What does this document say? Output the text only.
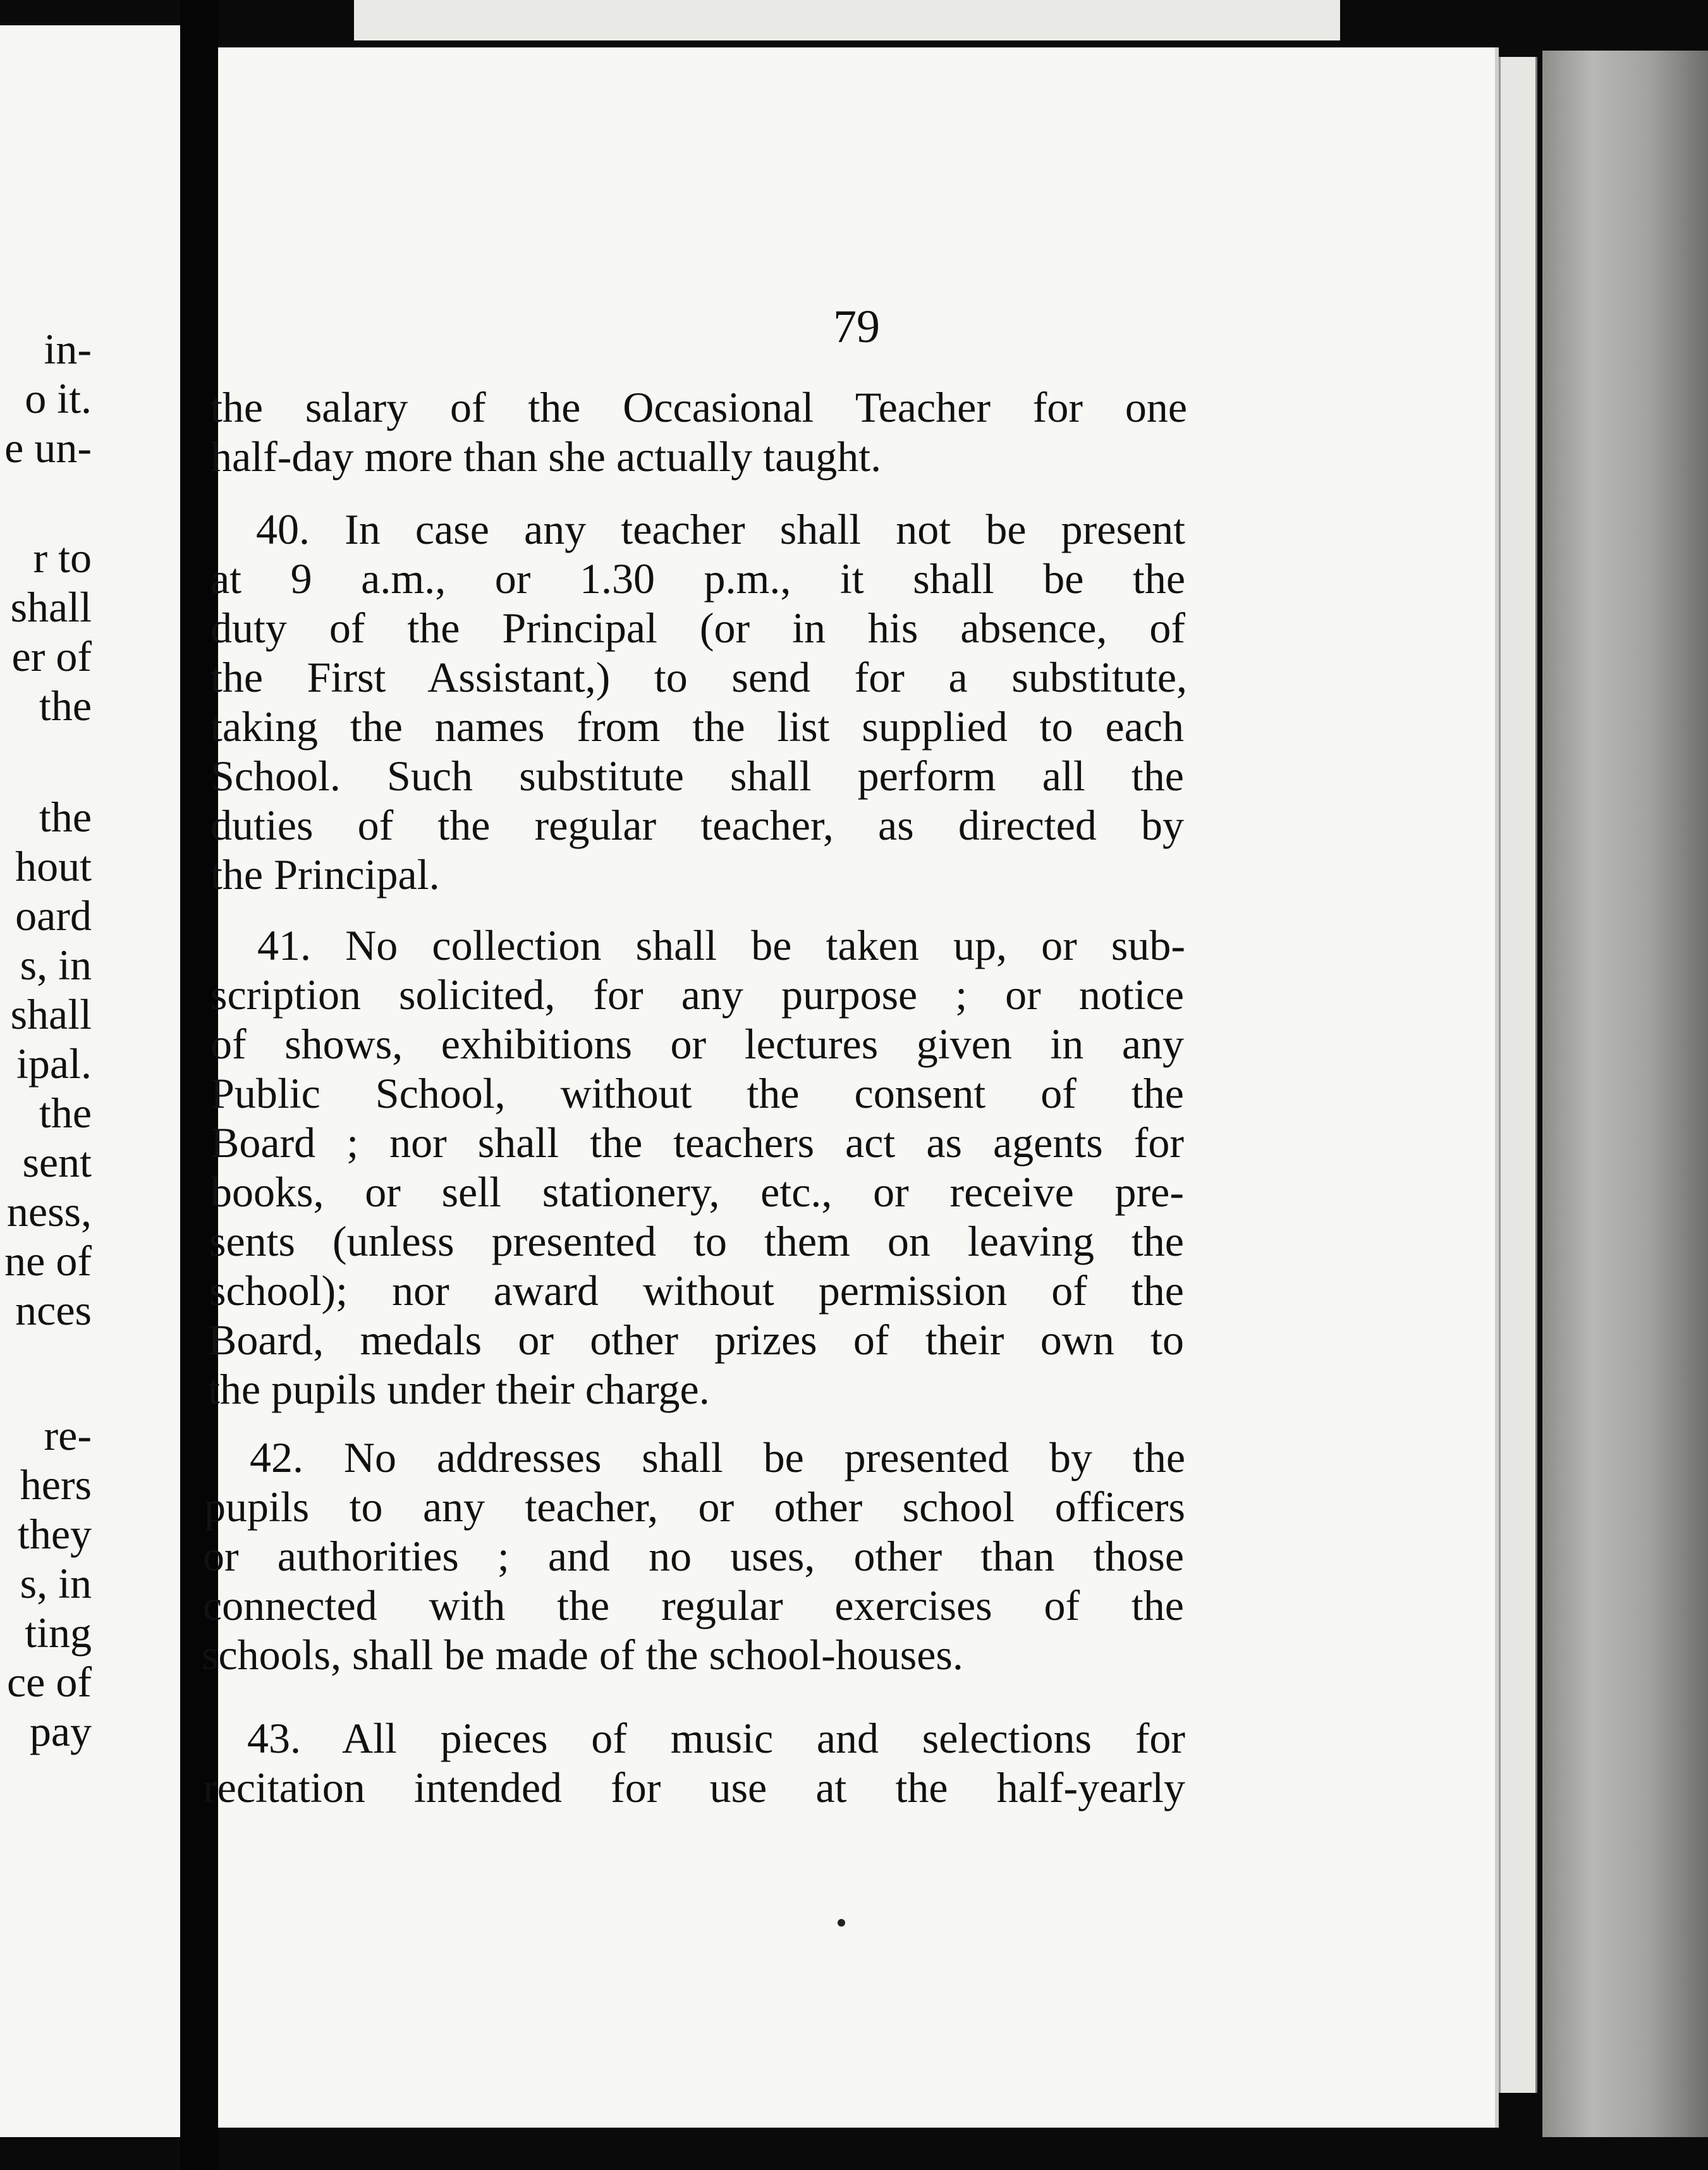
in-
o it.
e un-
r to
shall
er of
the
the
hout
oard
s, in
shall
ipal.
the
sent
ness,
ne of
nces
re-
hers
they
s, in
ting
ce of
pay
79
the salary of the Occasional Teacher for one
half-day more than she actually taught.
40. In case any teacher shall not be present
at 9 a.m., or 1.30 p.m., it shall be the
duty of the Principal (or in his absence, of
the First Assistant,) to send for a substitute,
taking the names from the list supplied to each
School. Such substitute shall perform all the
duties of the regular teacher, as directed by
the Principal.
41. No collection shall be taken up, or sub-
scription solicited, for any purpose ; or notice
of shows, exhibitions or lectures given in any
Public School, without the consent of the
Board ; nor shall the teachers act as agents for
books, or sell stationery, etc., or receive pre-
sents (unless presented to them on leaving the
school); nor award without permission of the
Board, medals or other prizes of their own to
the pupils under their charge.
42. No addresses shall be presented by the
pupils to any teacher, or other school officers
or authorities ; and no uses, other than those
connected with the regular exercises of the
schools, shall be made of the school-houses.
43. All pieces of music and selections for
recitation intended for use at the half-yearly
